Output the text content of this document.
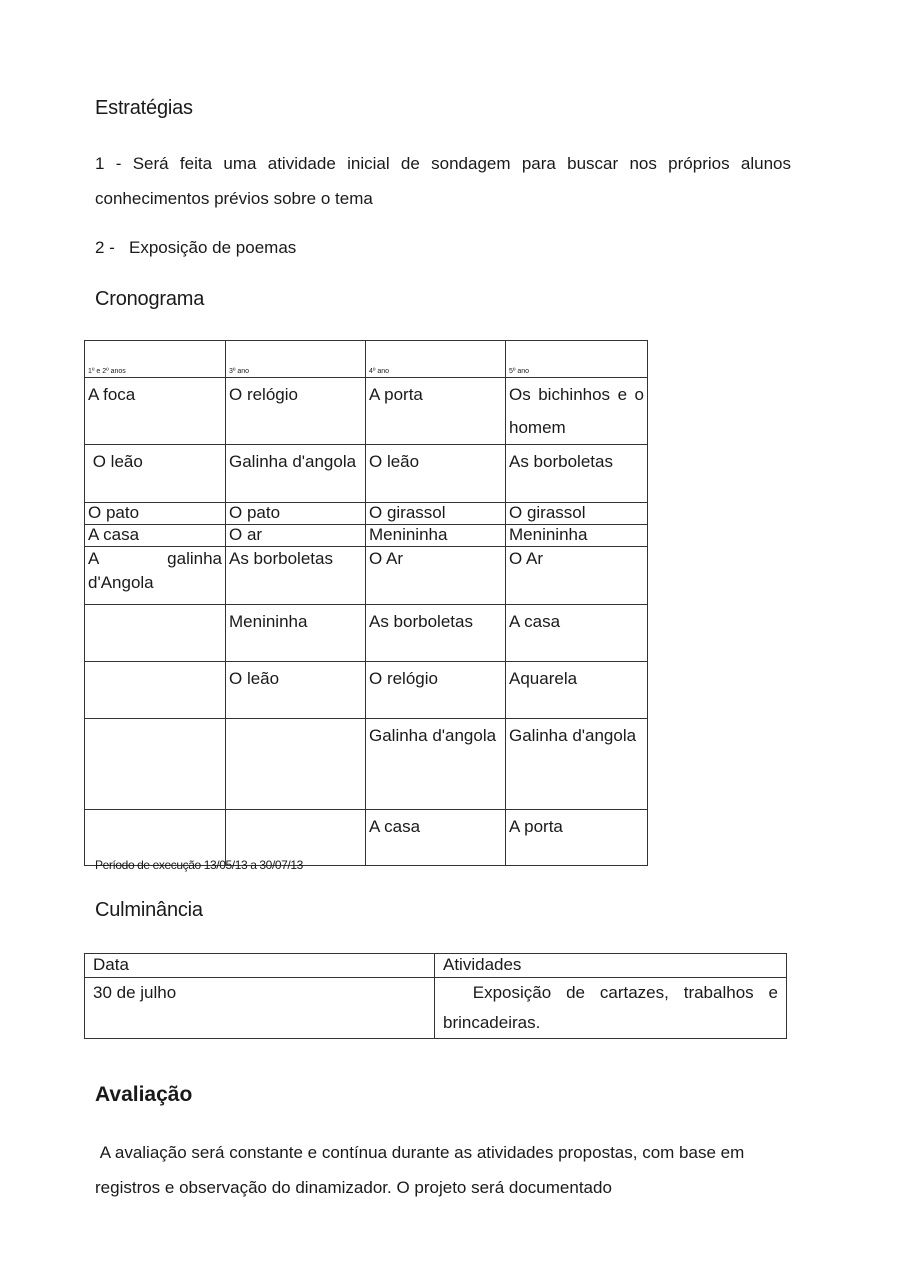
Estratégias

1 - Será feita uma atividade inicial de sondagem para buscar nos próprios alunos conhecimentos prévios sobre o tema

2 -   Exposição de poemas

Cronograma
1º e 2º anos	3º ano	4º ano	5º ano
A foca	O relógio	A porta	Os bichinhos e o homem
O leão	Galinha d'angola	O leão	As borboletas
O pato	O pato	O girassol	O girassol
A casa	O ar	Menininha	Menininha
A galinha d'Angola	As borboletas	O Ar	O Ar
	Menininha	As borboletas	A casa
	O leão	O relógio	Aquarela
		Galinha d'angola	Galinha d'angola
		A casa	A porta

Período de execução 13/05/13 a 30/07/13

Culminância
Data	Atividades
30 de julho	Exposição de cartazes, trabalhos e brincadeiras.
Avaliação

A avaliação será constante e contínua durante as atividades propostas, com base em registros e observação do dinamizador. O projeto será documentado
